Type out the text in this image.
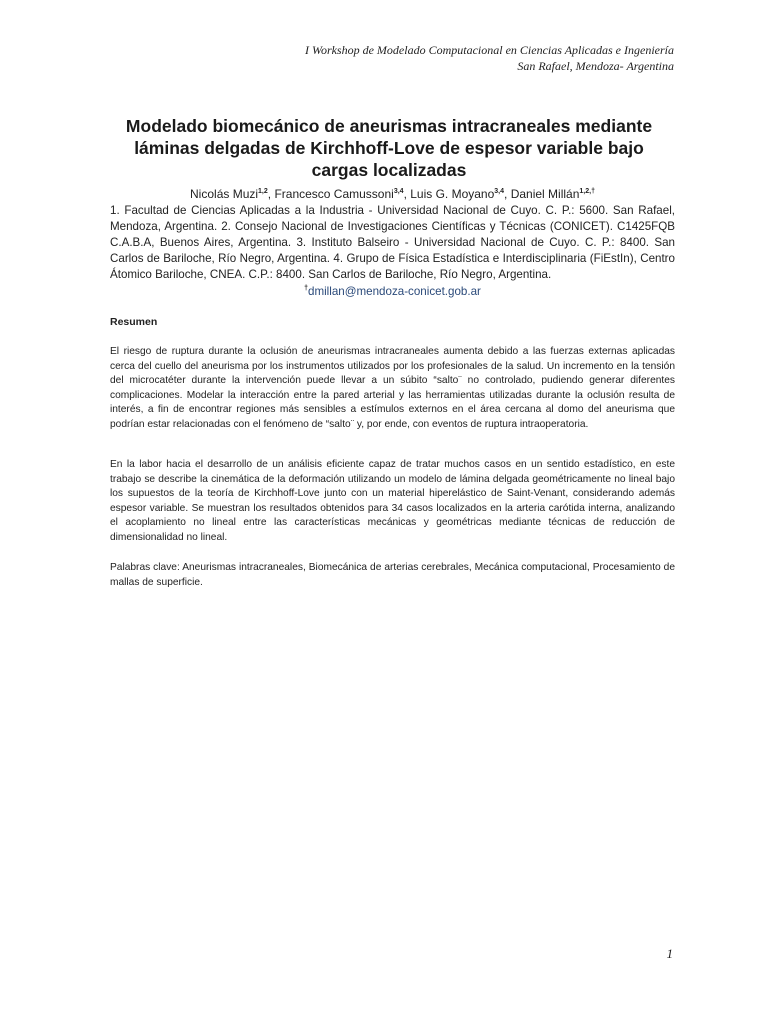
I Workshop de Modelado Computacional en Ciencias Aplicadas e Ingeniería
San Rafael, Mendoza- Argentina
Modelado biomecánico de aneurismas intracraneales mediante láminas delgadas de Kirchhoff-Love de espesor variable bajo cargas localizadas
Nicolás Muzi$^{1,2}$, Francesco Camussoni$^{3,4}$, Luis G. Moyano$^{3,4}$, Daniel Millán$^{1,2,\dagger}$
1. Facultad de Ciencias Aplicadas a la Industria - Universidad Nacional de Cuyo. C. P.: 5600. San Rafael, Mendoza, Argentina. 2. Consejo Nacional de Investigaciones Científicas y Técnicas (CONICET). C1425FQB C.A.B.A, Buenos Aires, Argentina. 3. Instituto Balseiro - Universidad Nacional de Cuyo. C. P.: 8400. San Carlos de Bariloche, Río Negro, Argentina. 4. Grupo de Física Estadística e Interdisciplinaria (FiEstIn), Centro Átomico Bariloche, CNEA. C.P.: 8400. San Carlos de Bariloche, Río Negro, Argentina.
†dmillan@mendoza-conicet.gob.ar
Resumen
El riesgo de ruptura durante la oclusión de aneurismas intracraneales aumenta debido a las fuerzas externas aplicadas cerca del cuello del aneurisma por los instrumentos utilizados por los profesionales de la salud. Un incremento en la tensión del microcatéter durante la intervención puede llevar a un súbito “salto¨ no controlado, pudiendo generar diferentes complicaciones. Modelar la interacción entre la pared arterial y las herramientas utilizadas durante la oclusión resulta de interés, a fin de encontrar regiones más sensibles a estímulos externos en el área cercana al domo del aneurisma que podrían estar relacionadas con el fenómeno de “salto¨ y, por ende, con eventos de ruptura intraoperatoria.
En la labor hacia el desarrollo de un análisis eficiente capaz de tratar muchos casos en un sentido estadístico, en este trabajo se describe la cinemática de la deformación utilizando un modelo de lámina delgada geométricamente no lineal bajo los supuestos de la teoría de Kirchhoff-Love junto con un material hiperelástico de Saint-Venant, considerando además espesor variable. Se muestran los resultados obtenidos para 34 casos localizados en la arteria carótida interna, analizando el acoplamiento no lineal entre las características mecánicas y geométricas mediante técnicas de reducción de dimensionalidad no lineal.
Palabras clave: Aneurismas intracraneales, Biomecánica de arterias cerebrales, Mecánica computacional, Procesamiento de mallas de superficie.
1
